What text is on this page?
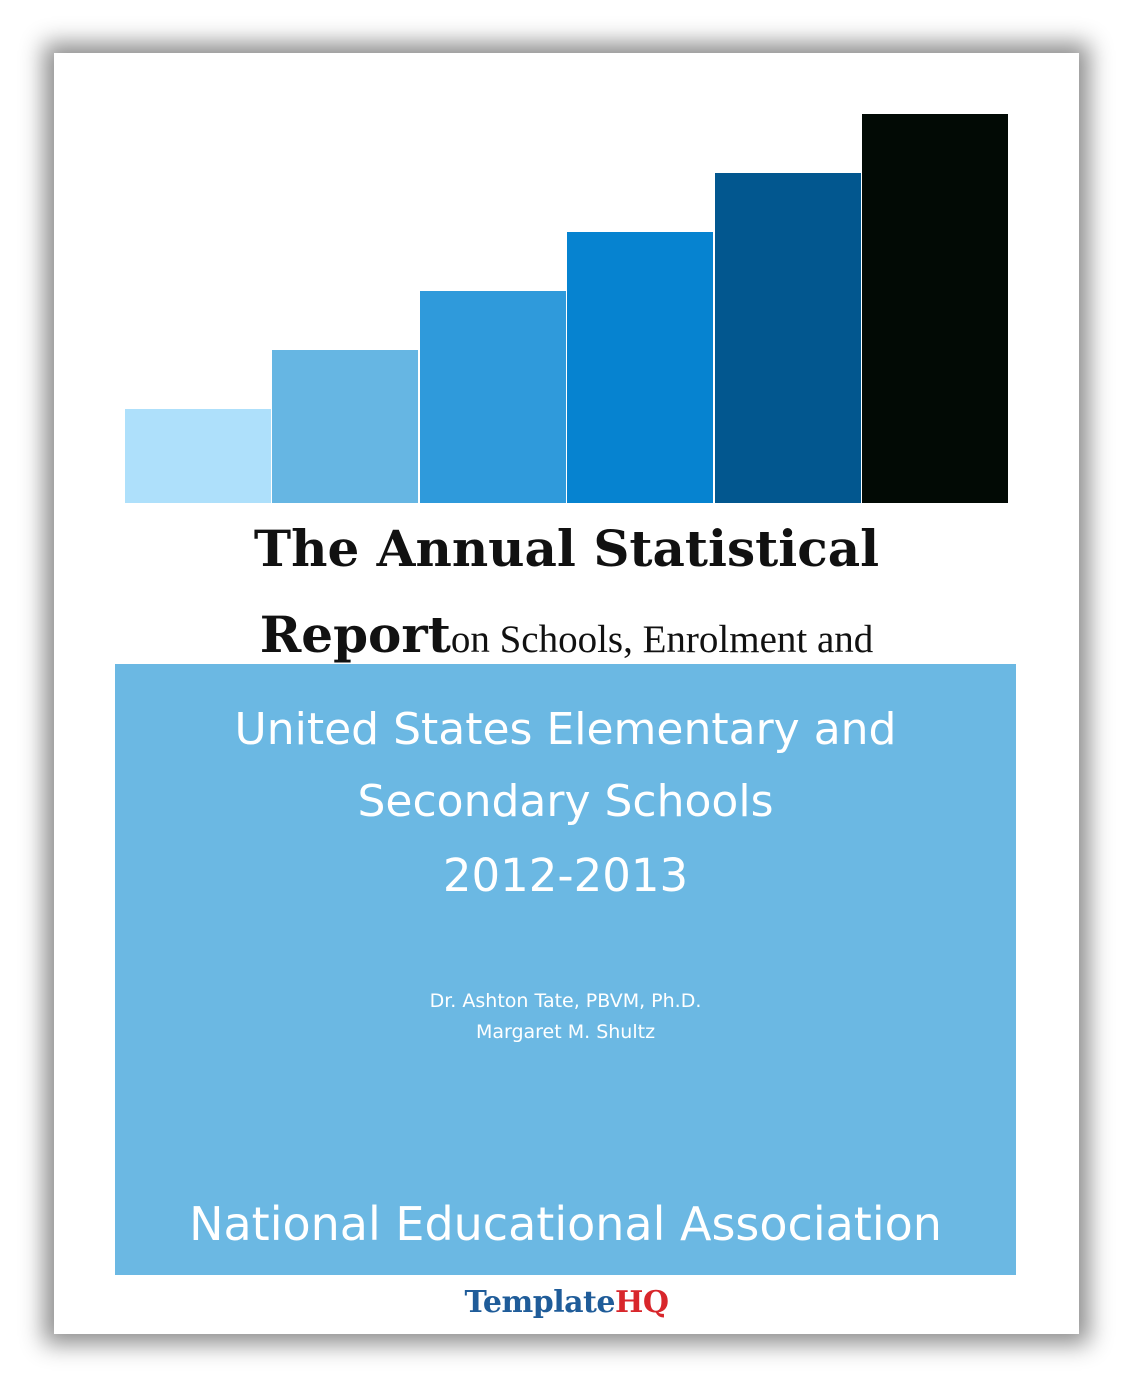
The Annual Statistical
Reporton Schools, Enrolment and
United States Elementary and
Secondary Schools
2012-2013
Dr. Ashton Tate, PBVM, Ph.D.
Margaret M. Shultz
National Educational Association
TemplateHQ
